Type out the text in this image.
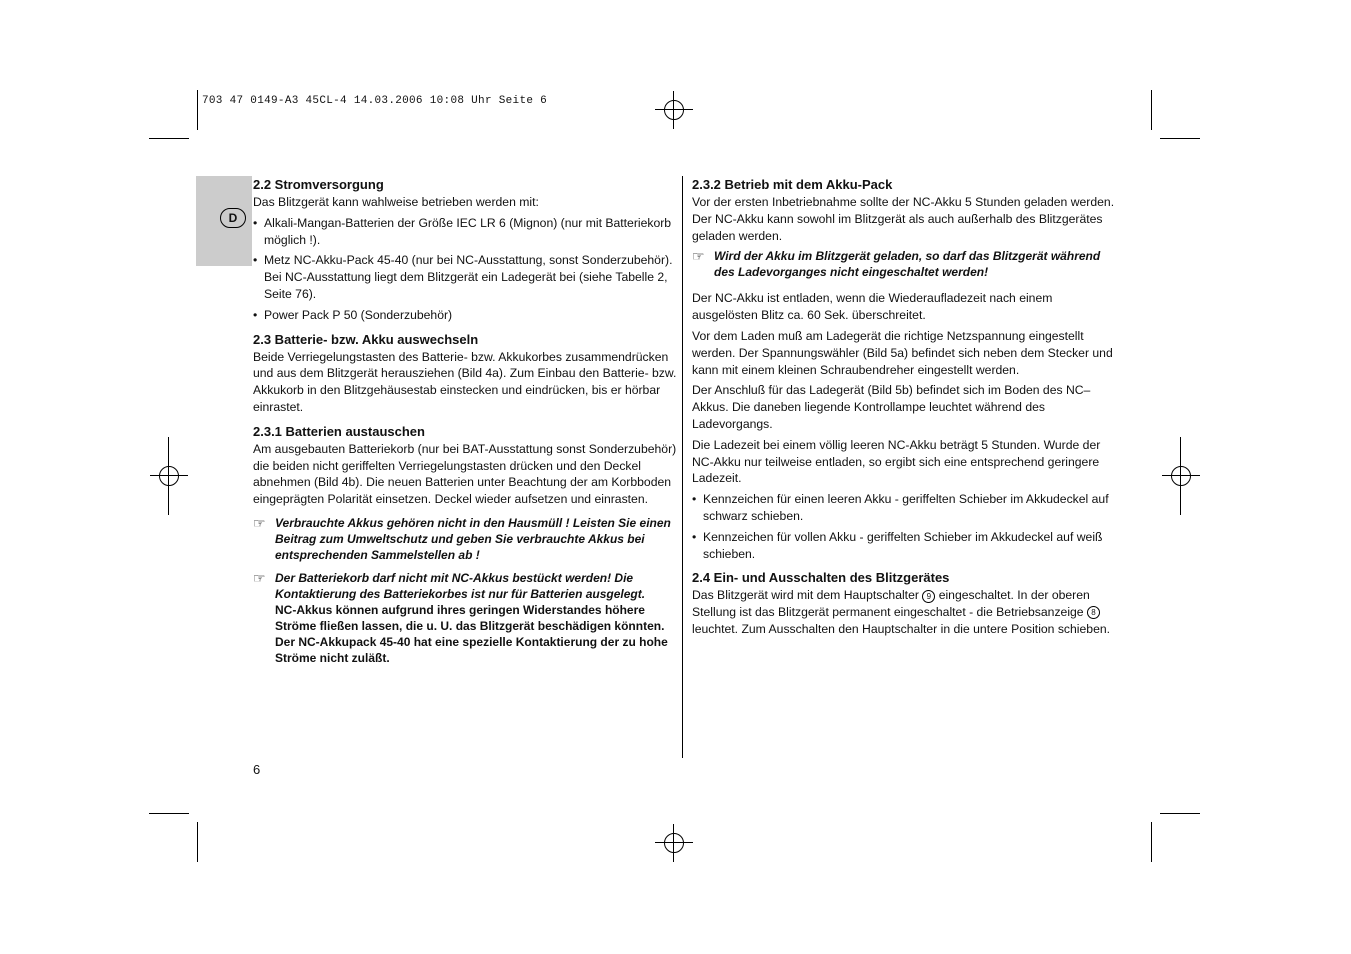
703 47 0149-A3 45CL-4 14.03.2006 10:08 Uhr Seite 6
D
2.2 Stromversorgung

Das Blitzgerät kann wahlweise betrieben werden mit:

• Alkali-Mangan-Batterien der Größe IEC LR 6 (Mignon) (nur mit Batteriekorb möglich !).
• Metz NC-Akku-Pack 45-40 (nur bei NC-Ausstattung, sonst Sonderzubehör). Bei NC-Ausstattung liegt dem Blitzgerät ein Ladegerät bei (siehe Tabelle 2, Seite 76).
• Power Pack P 50 (Sonderzubehör)
2.3 Batterie- bzw. Akku auswechseln

Beide Verriegelungstasten des Batterie- bzw. Akkukorbes zusammendrücken und aus dem Blitzgerät herausziehen (Bild 4a). Zum Einbau den Batterie- bzw. Akkukorb in den Blitzgehäusestab einstecken und eindrücken, bis er hörbar einrastet.

2.3.1 Batterien austauschen

Am ausgebauten Batteriekorb (nur bei BAT-Ausstattung sonst Sonderzubehör) die beiden nicht geriffelten Verriegelungstasten drücken und den Deckel abnehmen (Bild 4b). Die neuen Batterien unter Beachtung der am Korbboden eingeprägten Polarität einsetzen. Deckel wieder aufsetzen und einrasten.

☞ Verbrauchte Akkus gehören nicht in den Hausmüll ! Leisten Sie einen Beitrag zum Umweltschutz und geben Sie verbrauchte Akkus bei entsprechenden Sammelstellen ab !
☞ Der Batteriekorb darf nicht mit NC-Akkus bestückt werden! Die Kontaktierung des Batteriekorbes ist nur für Batterien ausgelegt.
NC-Akkus können aufgrund ihres geringen Widerstandes höhere Ströme fließen lassen, die u. U. das Blitzgerät beschädigen könnten. Der NC-Akkupack 45-40 hat eine spezielle Kontaktierung der zu hohe Ströme nicht zuläßt.
2.3.2 Betrieb mit dem Akku-Pack

Vor der ersten Inbetriebnahme sollte der NC-Akku 5 Stunden geladen werden. Der NC-Akku kann sowohl im Blitzgerät als auch außerhalb des Blitzgerätes geladen werden.

☞ Wird der Akku im Blitzgerät geladen, so darf das Blitzgerät während des Ladevorganges nicht eingeschaltet werden!

Der NC-Akku ist entladen, wenn die Wiederaufladezeit nach einem ausgelösten Blitz ca. 60 Sek. überschreitet.

Vor dem Laden muß am Ladegerät die richtige Netzspannung eingestellt werden. Der Spannungswähler (Bild 5a) befindet sich neben dem Stecker und kann mit einem kleinen Schraubendreher eingestellt werden.

Der Anschluß für das Ladegerät (Bild 5b) befindet sich im Boden des NC–Akkus. Die daneben liegende Kontrollampe leuchtet während des Ladevorgangs.

Die Ladezeit bei einem völlig leeren NC-Akku beträgt 5 Stunden. Wurde der NC-Akku nur teilweise entladen, so ergibt sich eine entsprechend geringere Ladezeit.

• Kennzeichen für einen leeren Akku - geriffelten Schieber im Akkudeckel auf schwarz schieben.
• Kennzeichen für vollen Akku - geriffelten Schieber im Akkudeckel auf weiß schieben.
2.4 Ein- und Ausschalten des Blitzgerätes

Das Blitzgerät wird mit dem Hauptschalter 9 eingeschaltet. In der oberen Stellung ist das Blitzgerät permanent eingeschaltet - die Betriebsanzeige 8 leuchtet. Zum Ausschalten den Hauptschalter in die untere Position schieben.

6
